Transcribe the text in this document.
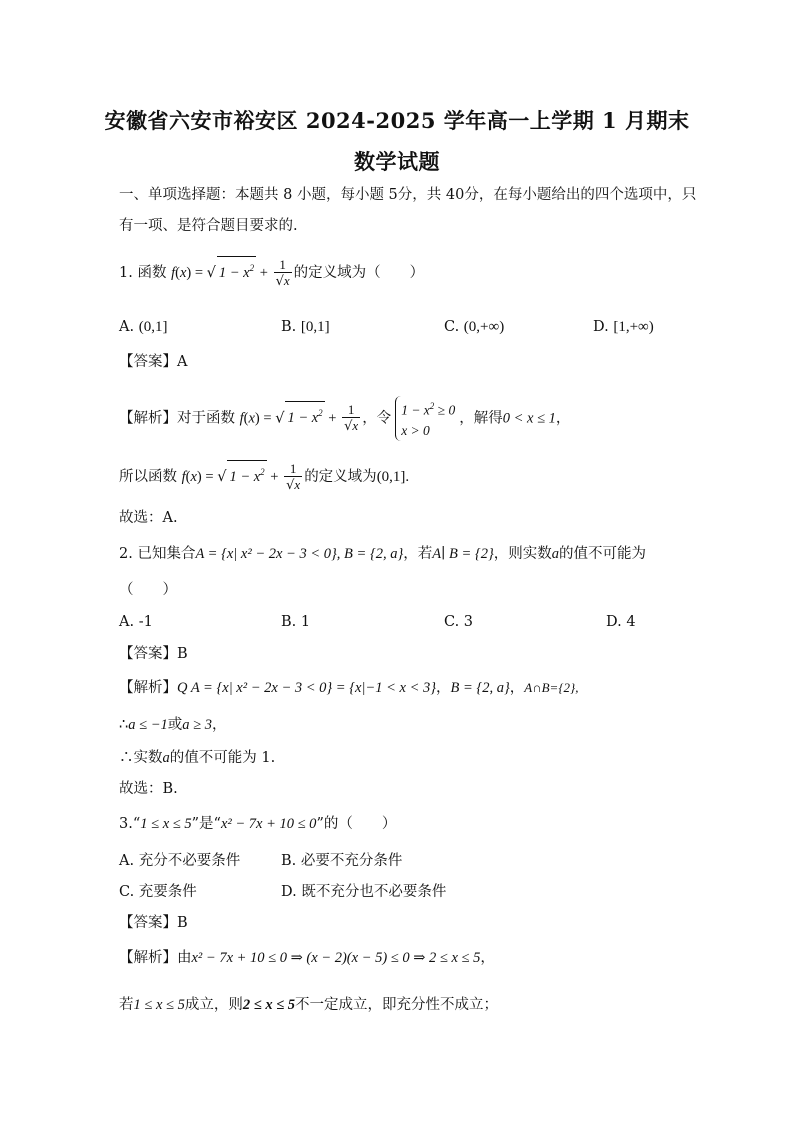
安徽省六安市裕安区 2024-2025 学年高一上学期 1 月期末
数学试题
一、单项选择题：本题共 8 小题，每小题 5分，共 40分，在每小题给出的四个选项中，只
有一项、是符合题目要求的.
1. 函数 f(x) = √ $1 - x^2 + \frac{1}{√x}$ 的定义域为（　　）
A. (0,1]	B. [0,1]	C. (0,+∞)	D. [1,+∞)
【答案】A
【解析】对于函数 f(x) = √ $1 - x^2 + \frac{1}{√x}$ ，令$1 - x^2 \ge 0$
x > 0，解得0 < x ≤ 1，
所以函数 f(x) = √ $1 - x^2 + \frac{1}{√x}$ 的定义域为(0,1].
故选：A.
2. 已知集合A = {x| x² − 2x − 3 < 0}, B = {2, a}，若A∣ B = {2}，则实数a的值不可能为
（　　）
A. -1	B. 1	C. 3	D. 4
【答案】B
【解析】Q A = {x| x² − 2x − 3 < 0} = {x|−1 < x < 3}，B = {2, a}，A∩B={2},
∴a ≤ −1或a ≥ 3，
∴实数a的值不可能为 1.
故选：B.
3.“1 ≤ x ≤ 5”是“x² − 7x + 10 ≤ 0”的（　　）
A. 充分不必要条件	B. 必要不充分条件
C. 充要条件	D. 既不充分也不必要条件
【答案】B
【解析】由x² − 7x + 10 ≤ 0 ⇒ (x − 2)(x − 5) ≤ 0 ⇒ 2 ≤ x ≤ 5，
若1 ≤ x ≤ 5成立，则2 ≤ x ≤ 5不一定成立，即充分性不成立；
